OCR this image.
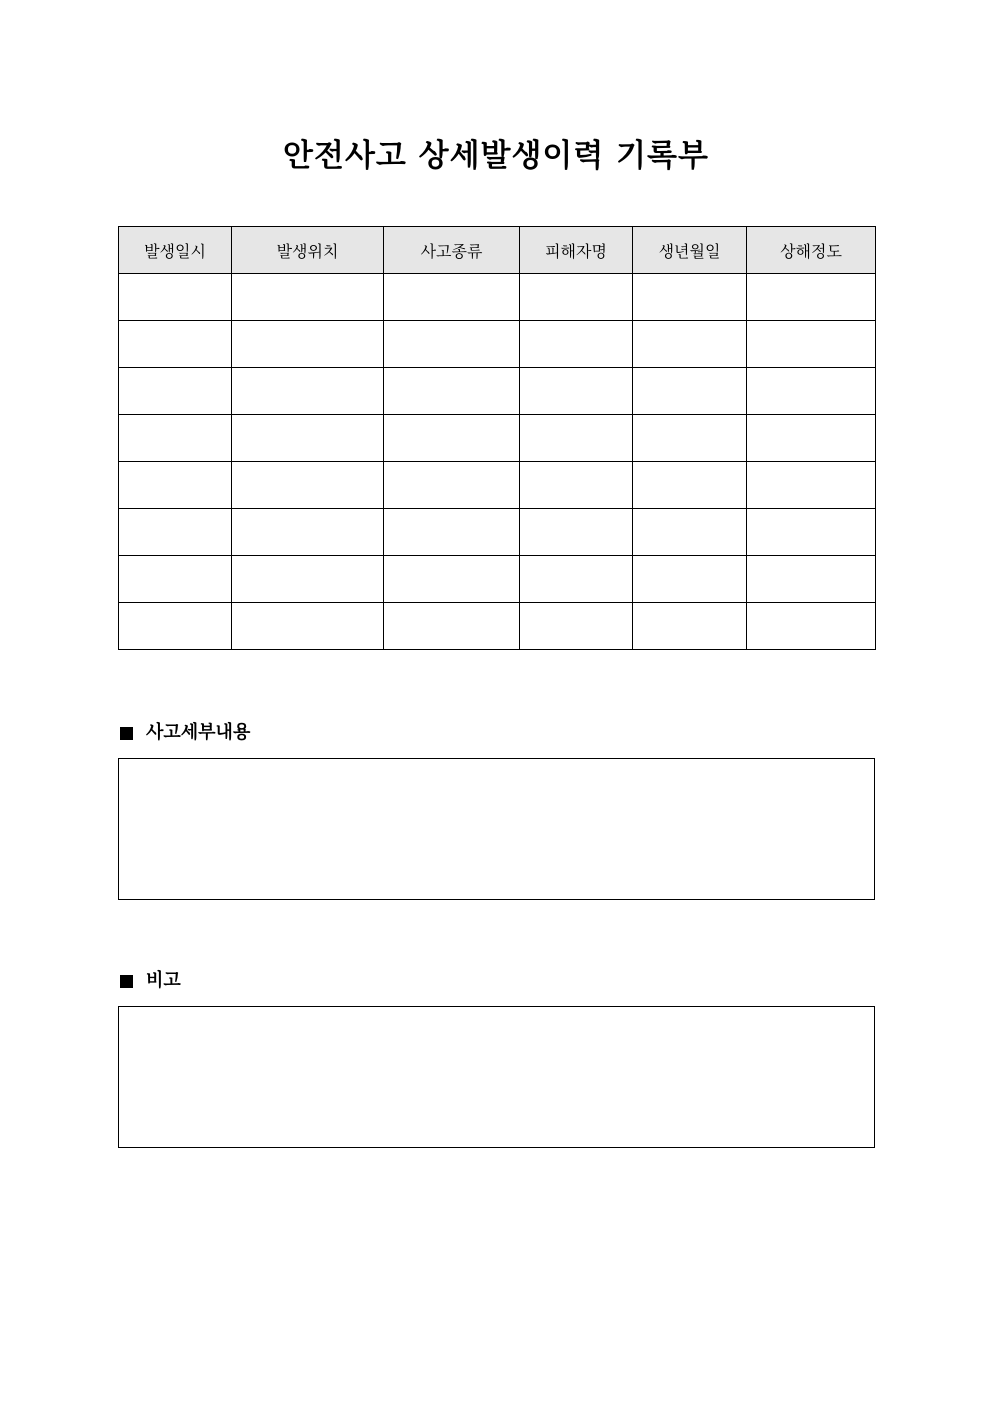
안전사고 상세발생이력 기록부
발생일시	발생위치	사고종류	피해자명	생년월일	상해정도

사고세부내용
비고
